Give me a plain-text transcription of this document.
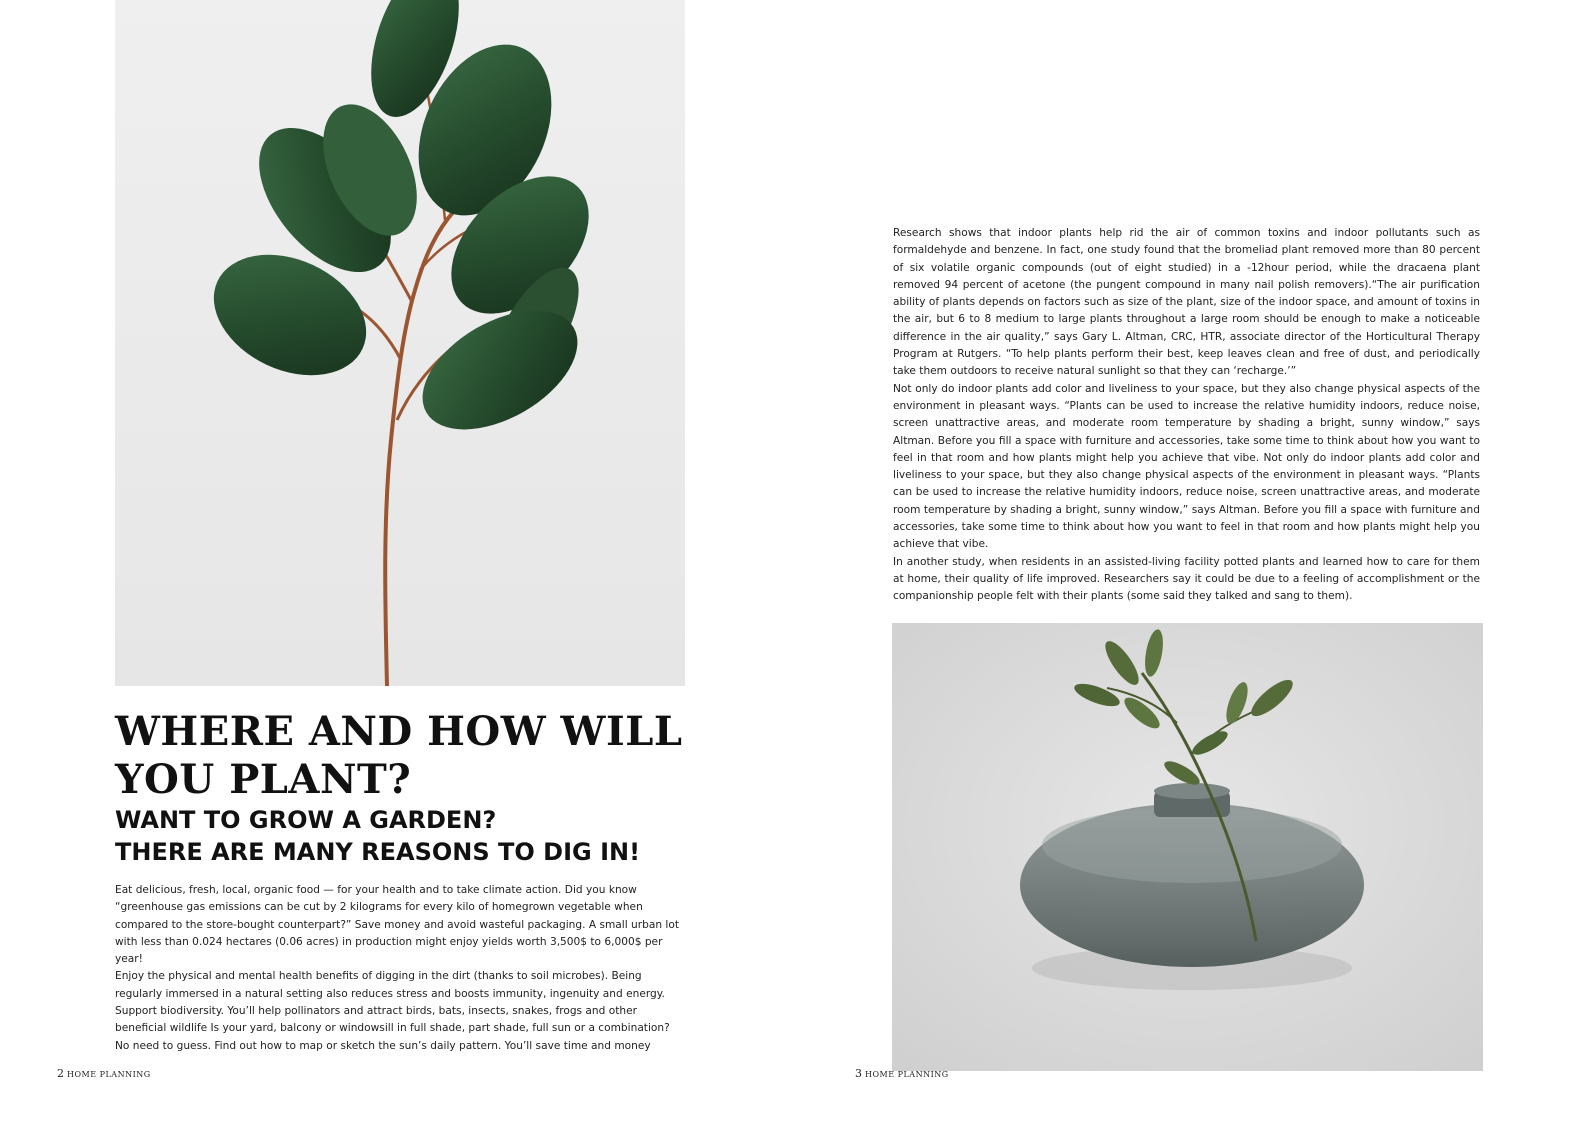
WHERE AND HOW WILL YOU PLANT?
WANT TO GROW A GARDEN?
THERE ARE MANY REASONS TO DIG IN!

Eat delicious, fresh, local, organic food — for your health and to take climate action. Did you know “greenhouse gas emissions can be cut by 2 kilograms for every kilo of homegrown vegetable when compared to the store-bought counterpart?” Save money and avoid wasteful packaging. A small urban lot with less than 0.024 hectares (0.06 acres) in production might enjoy yields worth 3,500$ to 6,000$ per year!

Enjoy the physical and mental health benefits of digging in the dirt (thanks to soil microbes). Being regularly immersed in a natural setting also reduces stress and boosts immunity, ingenuity and energy. Support biodiversity. You’ll help pollinators and attract birds, bats, insects, snakes, frogs and other beneficial wildlife Is your yard, balcony or windowsill in full shade, part shade, full sun or a combination? No need to guess. Find out how to map or sketch the sun’s daily pattern. You’ll save time and money

2 HOME PLANNING

Research shows that indoor plants help rid the air of common toxins and indoor pollutants such as formaldehyde and benzene. In fact, one study found that the bromeliad plant removed more than 80 percent of six volatile organic compounds (out of eight studied) in a -12hour period, while the dracaena plant removed 94 percent of acetone (the pungent compound in many nail polish removers).“The air purification ability of plants depends on factors such as size of the plant, size of the indoor space, and amount of toxins in the air, but 6 to 8 medium to large plants throughout a large room should be enough to make a noticeable difference in the air quality,” says Gary L. Altman, CRC, HTR, associate director of the Horticultural Therapy Program at Rutgers. “To help plants perform their best, keep leaves clean and free of dust, and periodically take them outdoors to receive natural sunlight so that they can ‘recharge.’”

Not only do indoor plants add color and liveliness to your space, but they also change physical aspects of the environment in pleasant ways. “Plants can be used to increase the relative humidity indoors, reduce noise, screen unattractive areas, and moderate room temperature by shading a bright, sunny window,” says Altman. Before you fill a space with furniture and accessories, take some time to think about how you want to feel in that room and how plants might help you achieve that vibe. Not only do indoor plants add color and liveliness to your space, but they also change physical aspects of the environment in pleasant ways. “Plants can be used to increase the relative humidity indoors, reduce noise, screen unattractive areas, and moderate room temperature by shading a bright, sunny window,” says Altman. Before you fill a space with furniture and accessories, take some time to think about how you want to feel in that room and how plants might help you achieve that vibe.

In another study, when residents in an assisted-living facility potted plants and learned how to care for them at home, their quality of life improved. Researchers say it could be due to a feeling of accomplishment or the companionship people felt with their plants (some said they talked and sang to them).

3 HOME PLANNING
